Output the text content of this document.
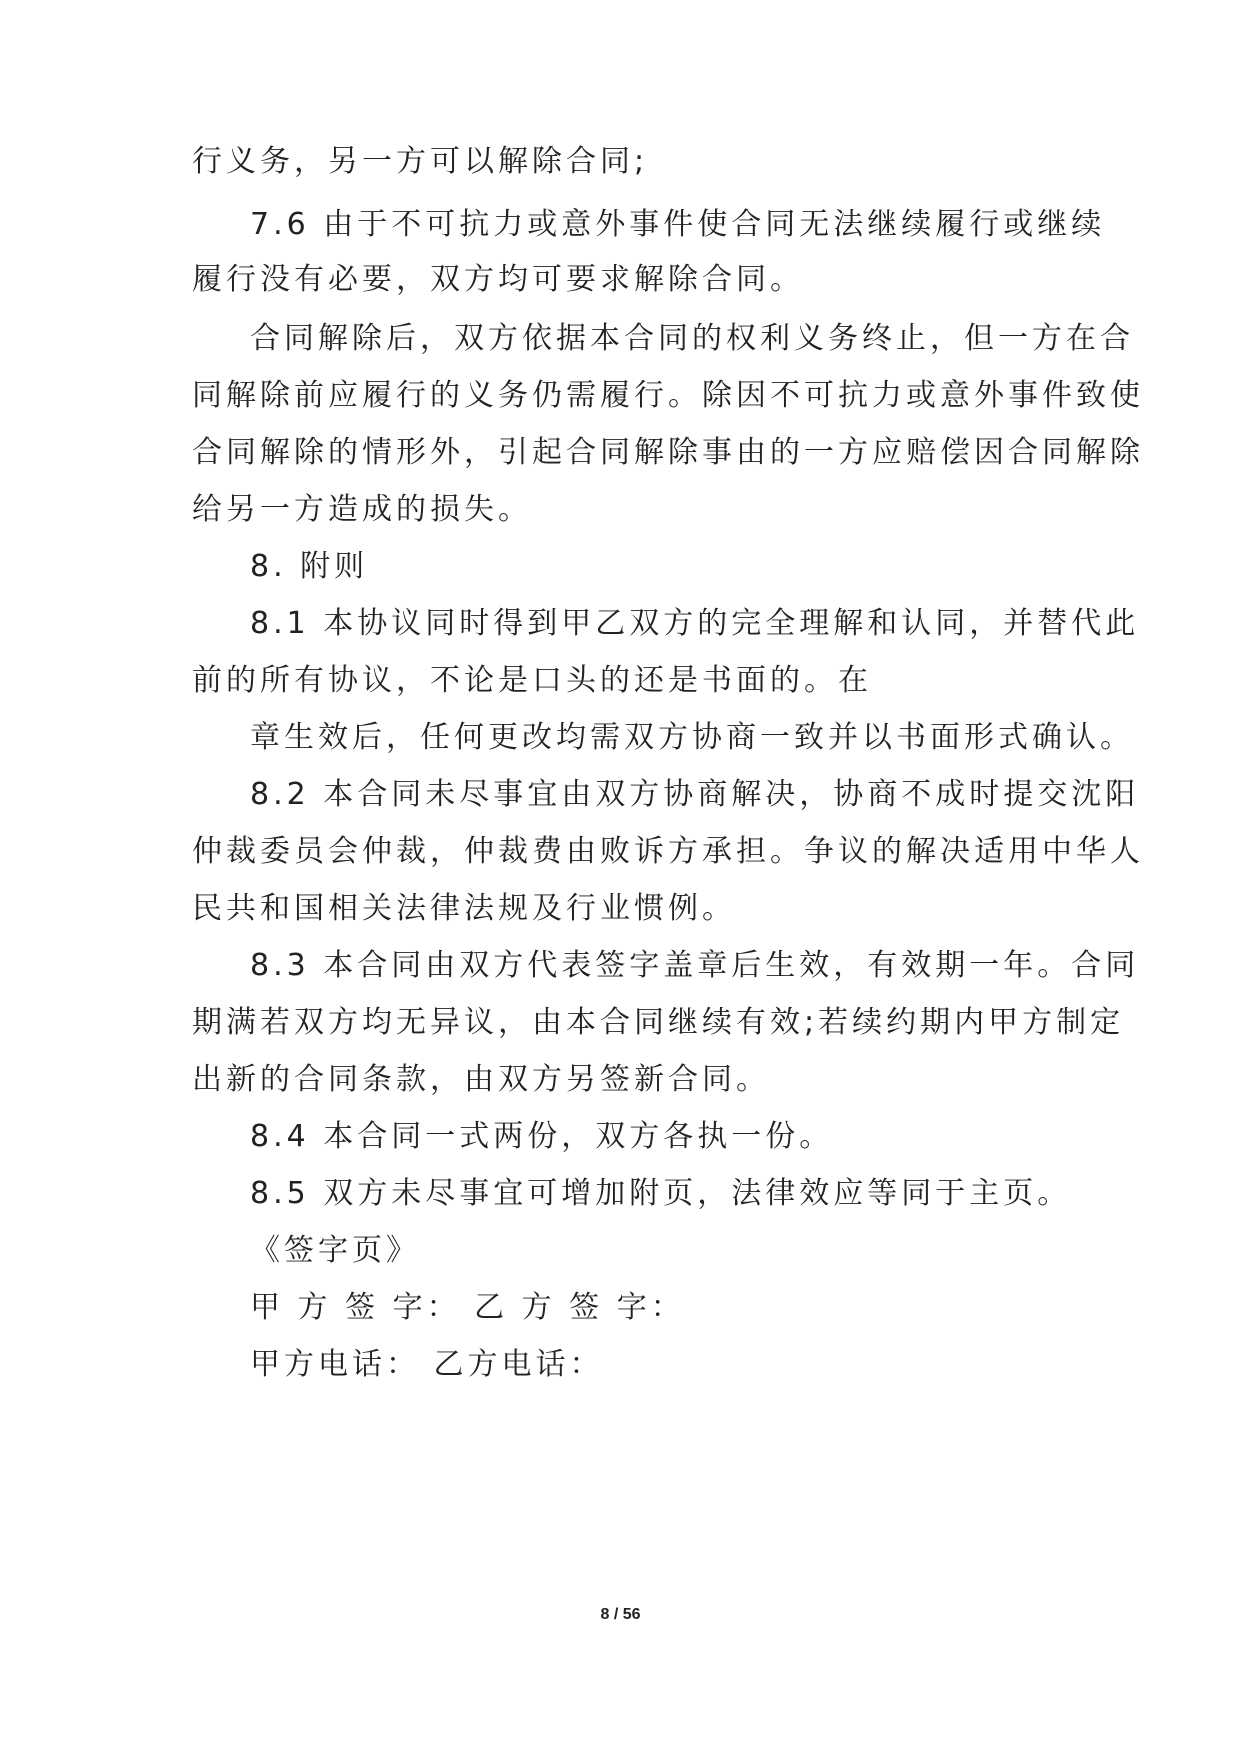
行义务，另一方可以解除合同;
7.6 由于不可抗力或意外事件使合同无法继续履行或继续
履行没有必要，双方均可要求解除合同。
合同解除后，双方依据本合同的权利义务终止，但一方在合
同解除前应履行的义务仍需履行。除因不可抗力或意外事件致使
合同解除的情形外，引起合同解除事由的一方应赔偿因合同解除
给另一方造成的损失。
8. 附则
8.1 本协议同时得到甲乙双方的完全理解和认同，并替代此
前的所有协议，不论是口头的还是书面的。在
章生效后，任何更改均需双方协商一致并以书面形式确认。
8.2 本合同未尽事宜由双方协商解决，协商不成时提交沈阳
仲裁委员会仲裁，仲裁费由败诉方承担。争议的解决适用中华人
民共和国相关法律法规及行业惯例。
8.3 本合同由双方代表签字盖章后生效，有效期一年。合同
期满若双方均无异议，由本合同继续有效;若续约期内甲方制定
出新的合同条款，由双方另签新合同。
8.4 本合同一式两份，双方各执一份。
8.5 双方未尽事宜可增加附页，法律效应等同于主页。
《签字页》
甲 方 签 字： 乙 方 签 字：
甲方电话： 乙方电话：
8 / 56
